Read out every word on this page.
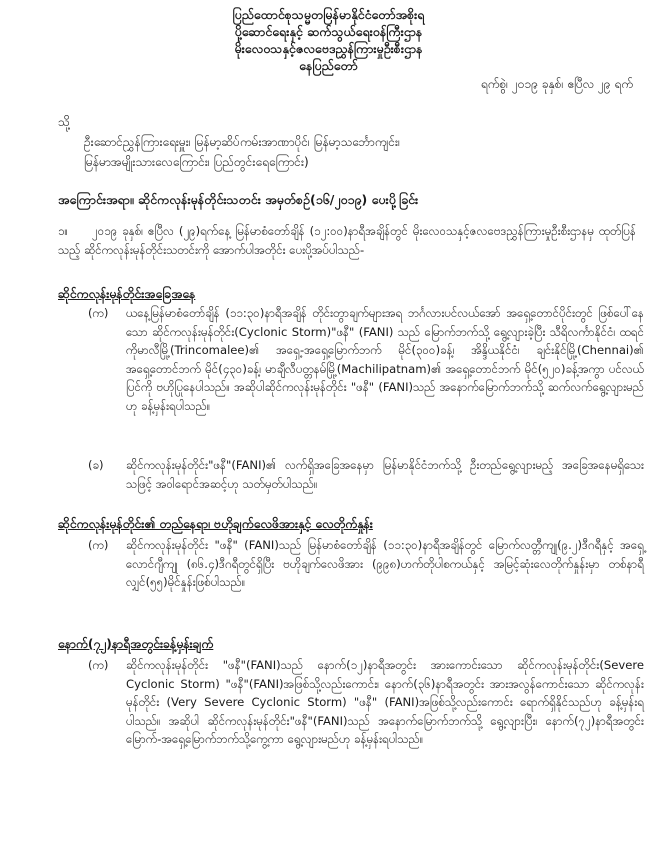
ပြည်ထောင်စုသမ္မတမြန်မာနိုင်ငံတော်အစိုးရ
ပို့ဆောင်ရေးနှင့် ဆက်သွယ်ရေးဝန်ကြီးဌာန
မိုးလေဝသနှင့်ဇလဗေဒညွှန်ကြားမှုဦးစီးဌာန
နေပြည်တော်
ရက်စွဲ၊ ၂၀၁၉ ခုနှစ်၊ ဧပြီလ ၂၉ ရက်
သို့
ဦးဆောင်ညွှန်ကြားရေးမှူး၊ မြန်မာ့ဆိပ်ကမ်းအာဏာပိုင်၊ မြန်မာ့သင်္ဘောကျင်း၊
မြန်မာအမျိုးသားလေကြောင်း၊ ပြည်တွင်းရေကြောင်း)
အကြောင်းအရာ။ ဆိုင်ကလုန်းမုန်တိုင်းသတင်း အမှတ်စဉ်(၁၆/၂၀၁၉) ပေးပို့ခြင်း
၁။ ၂၀၁၉ ခုနှစ်၊ ဧပြီလ (၂၉)ရက်နေ့ မြန်မာစံတော်ချိန် (၁၂:၀၀)နာရီအချိန်တွင် မိုးလေဝသနှင့်ဇလဗေဒညွှန်ကြားမှုဦးစီးဌာနမှ ထုတ်ပြန်သည့် ဆိုင်ကလုန်းမုန်တိုင်းသတင်းကို အောက်ပါအတိုင်း ပေးပို့အပ်ပါသည်-
ဆိုင်ကလုန်းမုန်တိုင်းအခြေအနေ
(က)	ယနေ့မြန်မာစံတော်ချိန် (၁၁:၃၀)နာရီအချိန် တိုင်းတွာချက်များအရ ဘင်္ဂလားပင်လယ်အော် အရှေ့တောင်ပိုင်းတွင် ဖြစ်ပေါ်နေသော ဆိုင်ကလုန်းမုန်တိုင်း(Cyclonic Storm)"ဖနီ" (FANI) သည် မြောက်ဘက်သို့ ရွေ့လျားခဲ့ပြီး သီရိလင်္ကာနိုင်ငံ၊ ထရင်ကိုမာလီမြို့(Trincomalee)၏ အရှေ့-အရှေ့မြောက်ဘက် မိုင်(၃၀၀)ခန့်၊ အိန္ဒိယနိုင်ငံ၊ ချင်းနိုင်မြို့(Chennai)၏ အရှေ့တောင်ဘက် မိုင်(၄၃၀)ခန့်၊ မာချီလီပတ္တနမ်မြို့(Machilipatnam)၏ အရှေ့တောင်ဘက် မိုင်(၅၂၀)ခန့်အကွာ ပင်လယ်ပြင်ကို ဗဟိုပြုနေပါသည်။ အဆိုပါဆိုင်ကလုန်းမုန်တိုင်း "ဖနီ" (FANI)သည် အနောက်မြောက်ဘက်သို့ ဆက်လက်ရွေ့လျားမည်ဟု ခန့်မှန်းရပါသည်။
(ခ)	ဆိုင်ကလုန်းမုန်တိုင်း"ဖနီ"(FANI)၏ လက်ရှိအခြေအနေမှာ မြန်မာနိုင်ငံဘက်သို့ ဦးတည်ရွေ့လျားမည့် အခြေအနေမရှိသေးသဖြင့် အဝါရောင်အဆင့်ဟု သတ်မှတ်ပါသည်။
ဆိုင်ကလုန်းမုန်တိုင်း၏ တည်နေရာ၊ ဗဟိုချက်လေဖိအားနှင့် လေတိုက်နှုန်း
(က)	ဆိုင်ကလုန်းမုန်တိုင်း "ဖနီ" (FANI)သည် မြန်မာစံတော်ချိန် (၁၁:၃၀)နာရီအချိန်တွင် မြောက်လတ္တီကျု(၉.၂)ဒီဂရီနှင့် အရှေ့လောင်ဂျီကျု (၈၆.၄)ဒီဂရီတွင်ရှိပြီး ဗဟိုချက်လေဖိအား (၉၉၈)ဟက်တိုပါစကယ်နှင့် အမြင့်ဆုံးလေတိုက်နှုန်းမှာ တစ်နာရီလျှင်(၅၅)မိုင်နှုန်းဖြစ်ပါသည်။
နောက်(၇၂)နာရီအတွင်းခန့်မှန်းချက်
(က)	ဆိုင်ကလုန်းမုန်တိုင်း "ဖနီ"(FANI)သည် နောက်(၁၂)နာရီအတွင်း အားကောင်းသော ဆိုင်ကလုန်းမုန်တိုင်း(Severe Cyclonic Storm) "ဖနီ"(FANI)အဖြစ်သို့လည်းကောင်း၊ နောက်(၃၆)နာရီအတွင်း အားအလွန်ကောင်းသော ဆိုင်ကလုန်းမုန်တိုင်း (Very Severe Cyclonic Storm) "ဖနီ" (FANI)အဖြစ်သို့လည်းကောင်း ရောက်ရှိနိုင်သည်ဟု ခန့်မှန်းရပါသည်။ အဆိုပါ ဆိုင်ကလုန်းမုန်တိုင်း"ဖနီ"(FANI)သည် အနောက်မြောက်ဘက်သို့ ရွေ့လျားပြီး၊ နောက်(၇၂)နာရီအတွင်း မြောက်-အရှေ့မြောက်ဘက်သို့ကွေ့ကာ ရွေ့လျားမည်ဟု ခန့်မှန်းရပါသည်။
